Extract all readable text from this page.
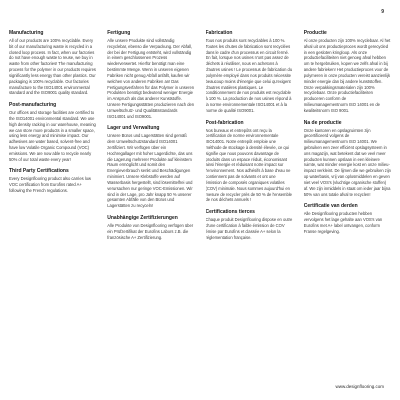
9
Manufacturing

All of our products are 100% recyclable. Every bit of our manufacturing waste is recycled in a closed loop process. In fact, when our factories do not have enough waste to reuse, we buy in waste from other factories! The manufacturing process for the polymer in our products requires significantly less energy than other plastics. Our packaging is 100% recyclable. Our factories manufacture to the ISO14001 environmental standard and the ISO9001 quality standard.

Post-manufacturing

Our offices and storage facilities are certified to the ISO14001 environmental standard. We use high density racking in our warehouse, meaning we can store more products in a smaller space, using less energy and minimise impact. Our adhesives are water based, solvent-free and have low Volatile Organic Compound (VOC) emissions. We are now able to recycle nearly 50% of our total waste every year!

Third Party Certifications

Every Designflooring product also carries low VOC certification from Eurofins rated A+ following the French regulations.

Fertigung

Alle unsere Produkte sind vollständig recyclebar, ebenso die Verpackung. Der Abfall, der bei der Fertigung entsteht, wird vollständig in einem geschlossenen Prozess wiederverwertet. Hierfür benötigt man eine bestimmte Menge. Wenn in unseren eigenen Fabriken nicht genug Abfall anfällt, kaufen wir welchen von anderen Fabriken an! Das Fertigungsverfahren für das Polymer in unseren Produkten benötigt bedeutend weniger Energie im Anspruch als das anderer Kunststoffe. Unsere Fertigungsstätten produzieren nach den Umweltschutz- und Qualitätsstandards ISO14001 und ISO9001.

Lager und Verwaltung

Unsere Büros und Lagerstätten sind gemäß dem Umweltschutzstandard ISO14001 zertifiziert. Wir verfügen über ein Hochregallager mit hoher Lagerdichte, das uns die Lagerung mehrerer Produkte auf kleinstem Raum ermöglicht und somit den Energieverbrauch senkt und Beschädigungen minimiert. Unsere Klebstoffe werden auf Wasserbasis hergestellt, sind lösemittelfrei und verursachen nur geringe VOC-Emissionen. Wir sind in der Lage, pro Jahr knapp 50 % unserer gesamten Abfälle von den Büros und Lagerstätten zu recyceln!

Unabhängige Zertifizierungen

Alle Produkte von Designflooring verfügen über ein Prüfzertifikat der Eurofins Labors z.B. die französische A+ Zertifizierung.

Fabrication

Tous nos produits sont recyclables à 100 %. Toutes les chutes de fabrication sont recyclées dans le cadre d'un processus en circuit fermé. En fait, lorsque nos usines n'ont pas assez de déchets à réutiliser, nous en achetons à d'autres usines ! Le processus de fabrication du polymère employé dans nos produits nécessite beaucoup moins d'énergie que celui qu'exigent d'autres matières plastiques. Le conditionnement de nos produits est recyclable à 100 %. La production de nos usines répond à la norme environnementale ISO14001 et à la norme de qualité ISO9001.

Post-fabrication

Nos bureaux et entrepôts ont reçu la certification de norme environnementale ISO14001. Notre entrepôt emploie une méthode de stockage à densité élevée, ce qui signifie que nous pouvons davantage de produits dans un espace réduit, économisant ainsi l'énergie et réduisant notre impact sur l'environnement. Nos adhésifs à base d'eau ne contiennent pas de solvants et ont une émission de composés organiques volatiles (COV) minimale. Nous sommes aujourd'hui en mesure de recycler près de 50 % de l'ensemble de nos déchets annuels !

Certifications tierces

Chaque produit Designflooring dispose en outre d'une certification à faible émission de COV émise par Eurofins et classée A+ selon la réglementation française.

Productie

Al onze producten zijn 100% recyclebaar. Al het afval uit ons productieproces wordt gerecycled in een gesloten kringloop. Als onze productiefaciliteiten niet genoeg afval hebben om te hergebruiken, kopen we zelfs afval in bij andere fabrieken! Het productieproces voor de polymeren in onze producten vereist aanzienlijk minder energie dan bij andere kunststoffen. Onze verpakkingsmaterialen zijn 100% recyclebaar. Onze productiefaciliteiten produceren conform de milieumanagementnorm ISO 14001 en de kwaliteitsnorm ISO 9001.

Na de productie

Onze kantoren en opslagruimten zijn gecertificeerd volgens de milieumanagementnorm ISO 14001. We gebruiken een zeer efficiënt opslagsysteem in ons magazijn, wat betekent dat we veel meer producten kunnen opslaan in een kleinere ruimte, wat minder energie kost en onze milieu-impact verkleint. De lijmen die we gebruiken zijn op waterbasis, vrij van oplosmiddelen en geven niet veel VOS's (vluchtige organische stoffen) af. We zijn inmiddels in staat om ieder jaar bijna 50% van ons totale afval te recyclen!

Certificatie van derden

Alle Designflooring producten hebben vervolgens het lage gehalte aan VOS's van Eurofins met A+ label ontvangen, conform Franse regelgeving.

www.designflooring.com
